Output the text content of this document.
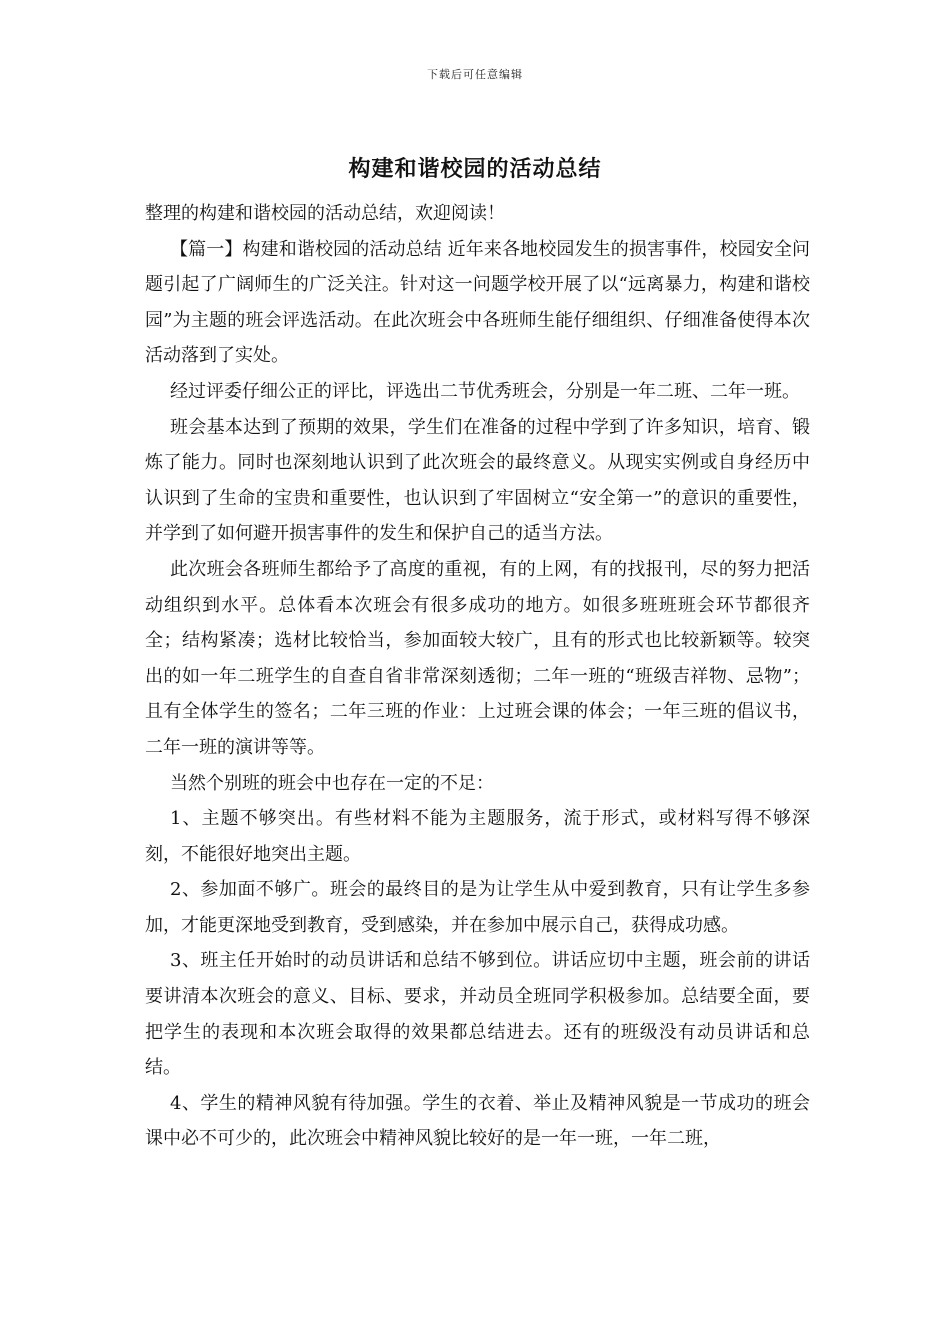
下载后可任意编辑
构建和谐校园的活动总结

整理的构建和谐校园的活动总结，欢迎阅读！

【篇一】构建和谐校园的活动总结 近年来各地校园发生的损害事件，校园安全问题引起了广阔师生的广泛关注。针对这一问题学校开展了以“远离暴力，构建和谐校园”为主题的班会评选活动。在此次班会中各班师生能仔细组织、仔细准备使得本次活动落到了实处。

经过评委仔细公正的评比，评选出二节优秀班会，分别是一年二班、二年一班。

班会基本达到了预期的效果，学生们在准备的过程中学到了许多知识，培育、锻炼了能力。同时也深刻地认识到了此次班会的最终意义。从现实实例或自身经历中认识到了生命的宝贵和重要性，也认识到了牢固树立“安全第一”的意识的重要性，并学到了如何避开损害事件的发生和保护自己的适当方法。

此次班会各班师生都给予了高度的重视，有的上网，有的找报刊，尽的努力把活动组织到水平。总体看本次班会有很多成功的地方。如很多班班班会环节都很齐全；结构紧凑；选材比较恰当，参加面较大较广，且有的形式也比较新颖等。较突出的如一年二班学生的自查自省非常深刻透彻；二年一班的“班级吉祥物、忌物”；且有全体学生的签名；二年三班的作业：上过班会课的体会；一年三班的倡议书，二年一班的演讲等等。

当然个别班的班会中也存在一定的不足：

1、主题不够突出。有些材料不能为主题服务，流于形式，或材料写得不够深刻，不能很好地突出主题。

2、参加面不够广。班会的最终目的是为让学生从中爱到教育，只有让学生多参加，才能更深地受到教育，受到感染，并在参加中展示自己，获得成功感。

3、班主任开始时的动员讲话和总结不够到位。讲话应切中主题，班会前的讲话要讲清本次班会的意义、目标、要求，并动员全班同学积极参加。总结要全面，要把学生的表现和本次班会取得的效果都总结进去。还有的班级没有动员讲话和总结。

4、学生的精神风貌有待加强。学生的衣着、举止及精神风貌是一节成功的班会课中必不可少的，此次班会中精神风貌比较好的是一年一班，一年二班，
